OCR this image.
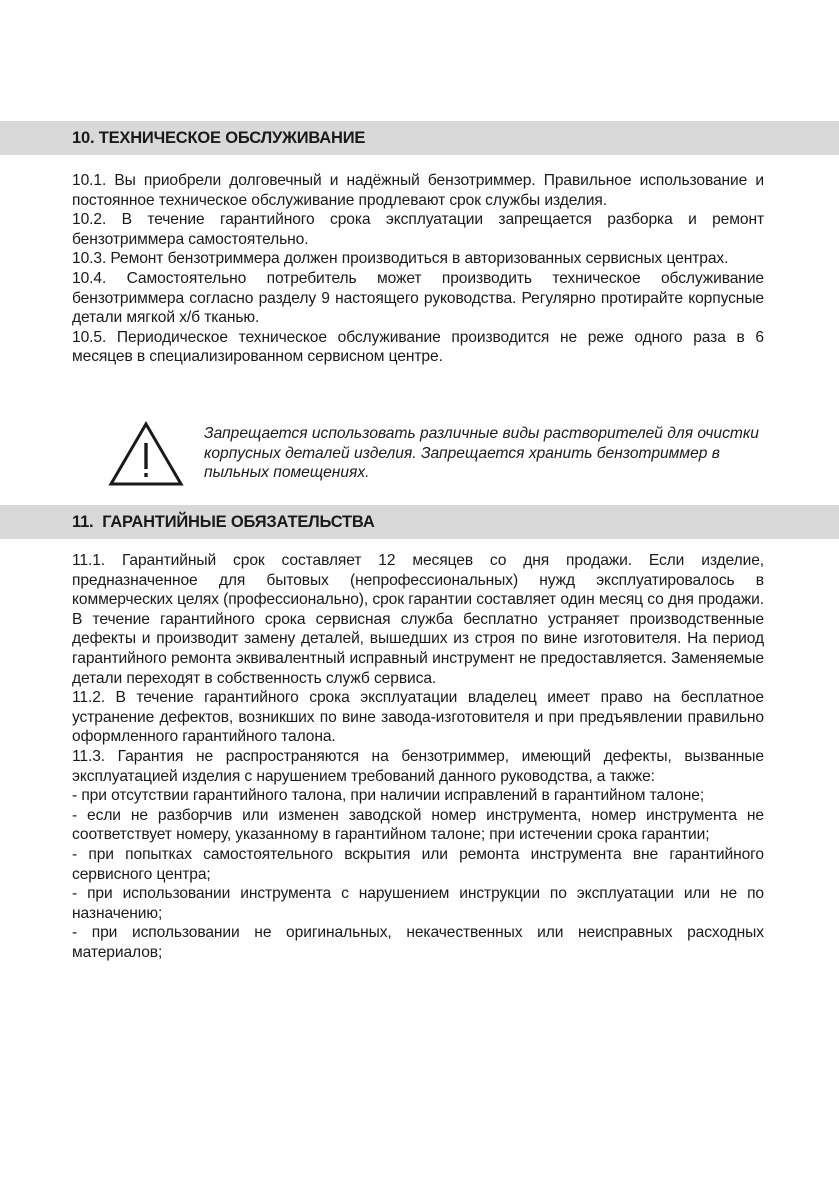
10. ТЕХНИЧЕСКОЕ ОБСЛУЖИВАНИЕ

10.1. Вы приобрели долговечный и надёжный бензотриммер. Правильное использование и постоянное техническое обслуживание продлевают срок службы изделия.

10.2. В течение гарантийного срока эксплуатации запрещается разборка и ремонт бензотриммера самостоятельно.

10.3. Ремонт бензотриммера должен производиться в авторизованных сервисных центрах.

10.4. Самостоятельно потребитель может производить техническое обслуживание бензотриммера согласно разделу 9 настоящего руководства. Регулярно протирайте корпусные детали мягкой х/б тканью.

10.5. Периодическое техническое обслуживание производится не реже одного раза в 6 месяцев в специализированном сервисном центре.

Запрещается использовать различные виды растворителей для очистки корпусных деталей изделия. Запрещается хранить бензотриммер в пыльных помещениях.
11.  ГАРАНТИЙНЫЕ ОБЯЗАТЕЛЬСТВА

11.1. Гарантийный срок составляет 12 месяцев со дня продажи. Если изделие, предназначенное для бытовых (непрофессиональных) нужд эксплуатировалось в коммерческих целях (профессионально), срок гарантии составляет один месяц со дня продажи. В течение гарантийного срока сервисная служба бесплатно устраняет производственные дефекты и производит замену деталей, вышедших из строя по вине изготовителя. На период гарантийного ремонта эквивалентный исправный инструмент не предоставляется. Заменяемые детали переходят в собственность служб сервиса.

11.2. В течение гарантийного срока эксплуатации владелец имеет право на бесплатное устранение дефектов, возникших по вине завода-изготовителя и при предъявлении правильно оформленного гарантийного талона.

11.3. Гарантия не распространяются на бензотриммер, имеющий дефекты, вызванные эксплуатацией изделия с нарушением требований данного руководства, а также:

- при отсутствии гарантийного талона, при наличии исправлений в гарантийном талоне;

- если не разборчив или изменен заводской номер инструмента, номер инструмента не соответствует номеру, указанному в гарантийном талоне; при истечении срока гарантии;

- при попытках самостоятельного вскрытия или ремонта инструмента вне гарантийного сервисного центра;

- при использовании инструмента с нарушением инструкции по эксплуатации или не по назначению;

- при использовании не оригинальных, некачественных или неисправных расходных материалов;
